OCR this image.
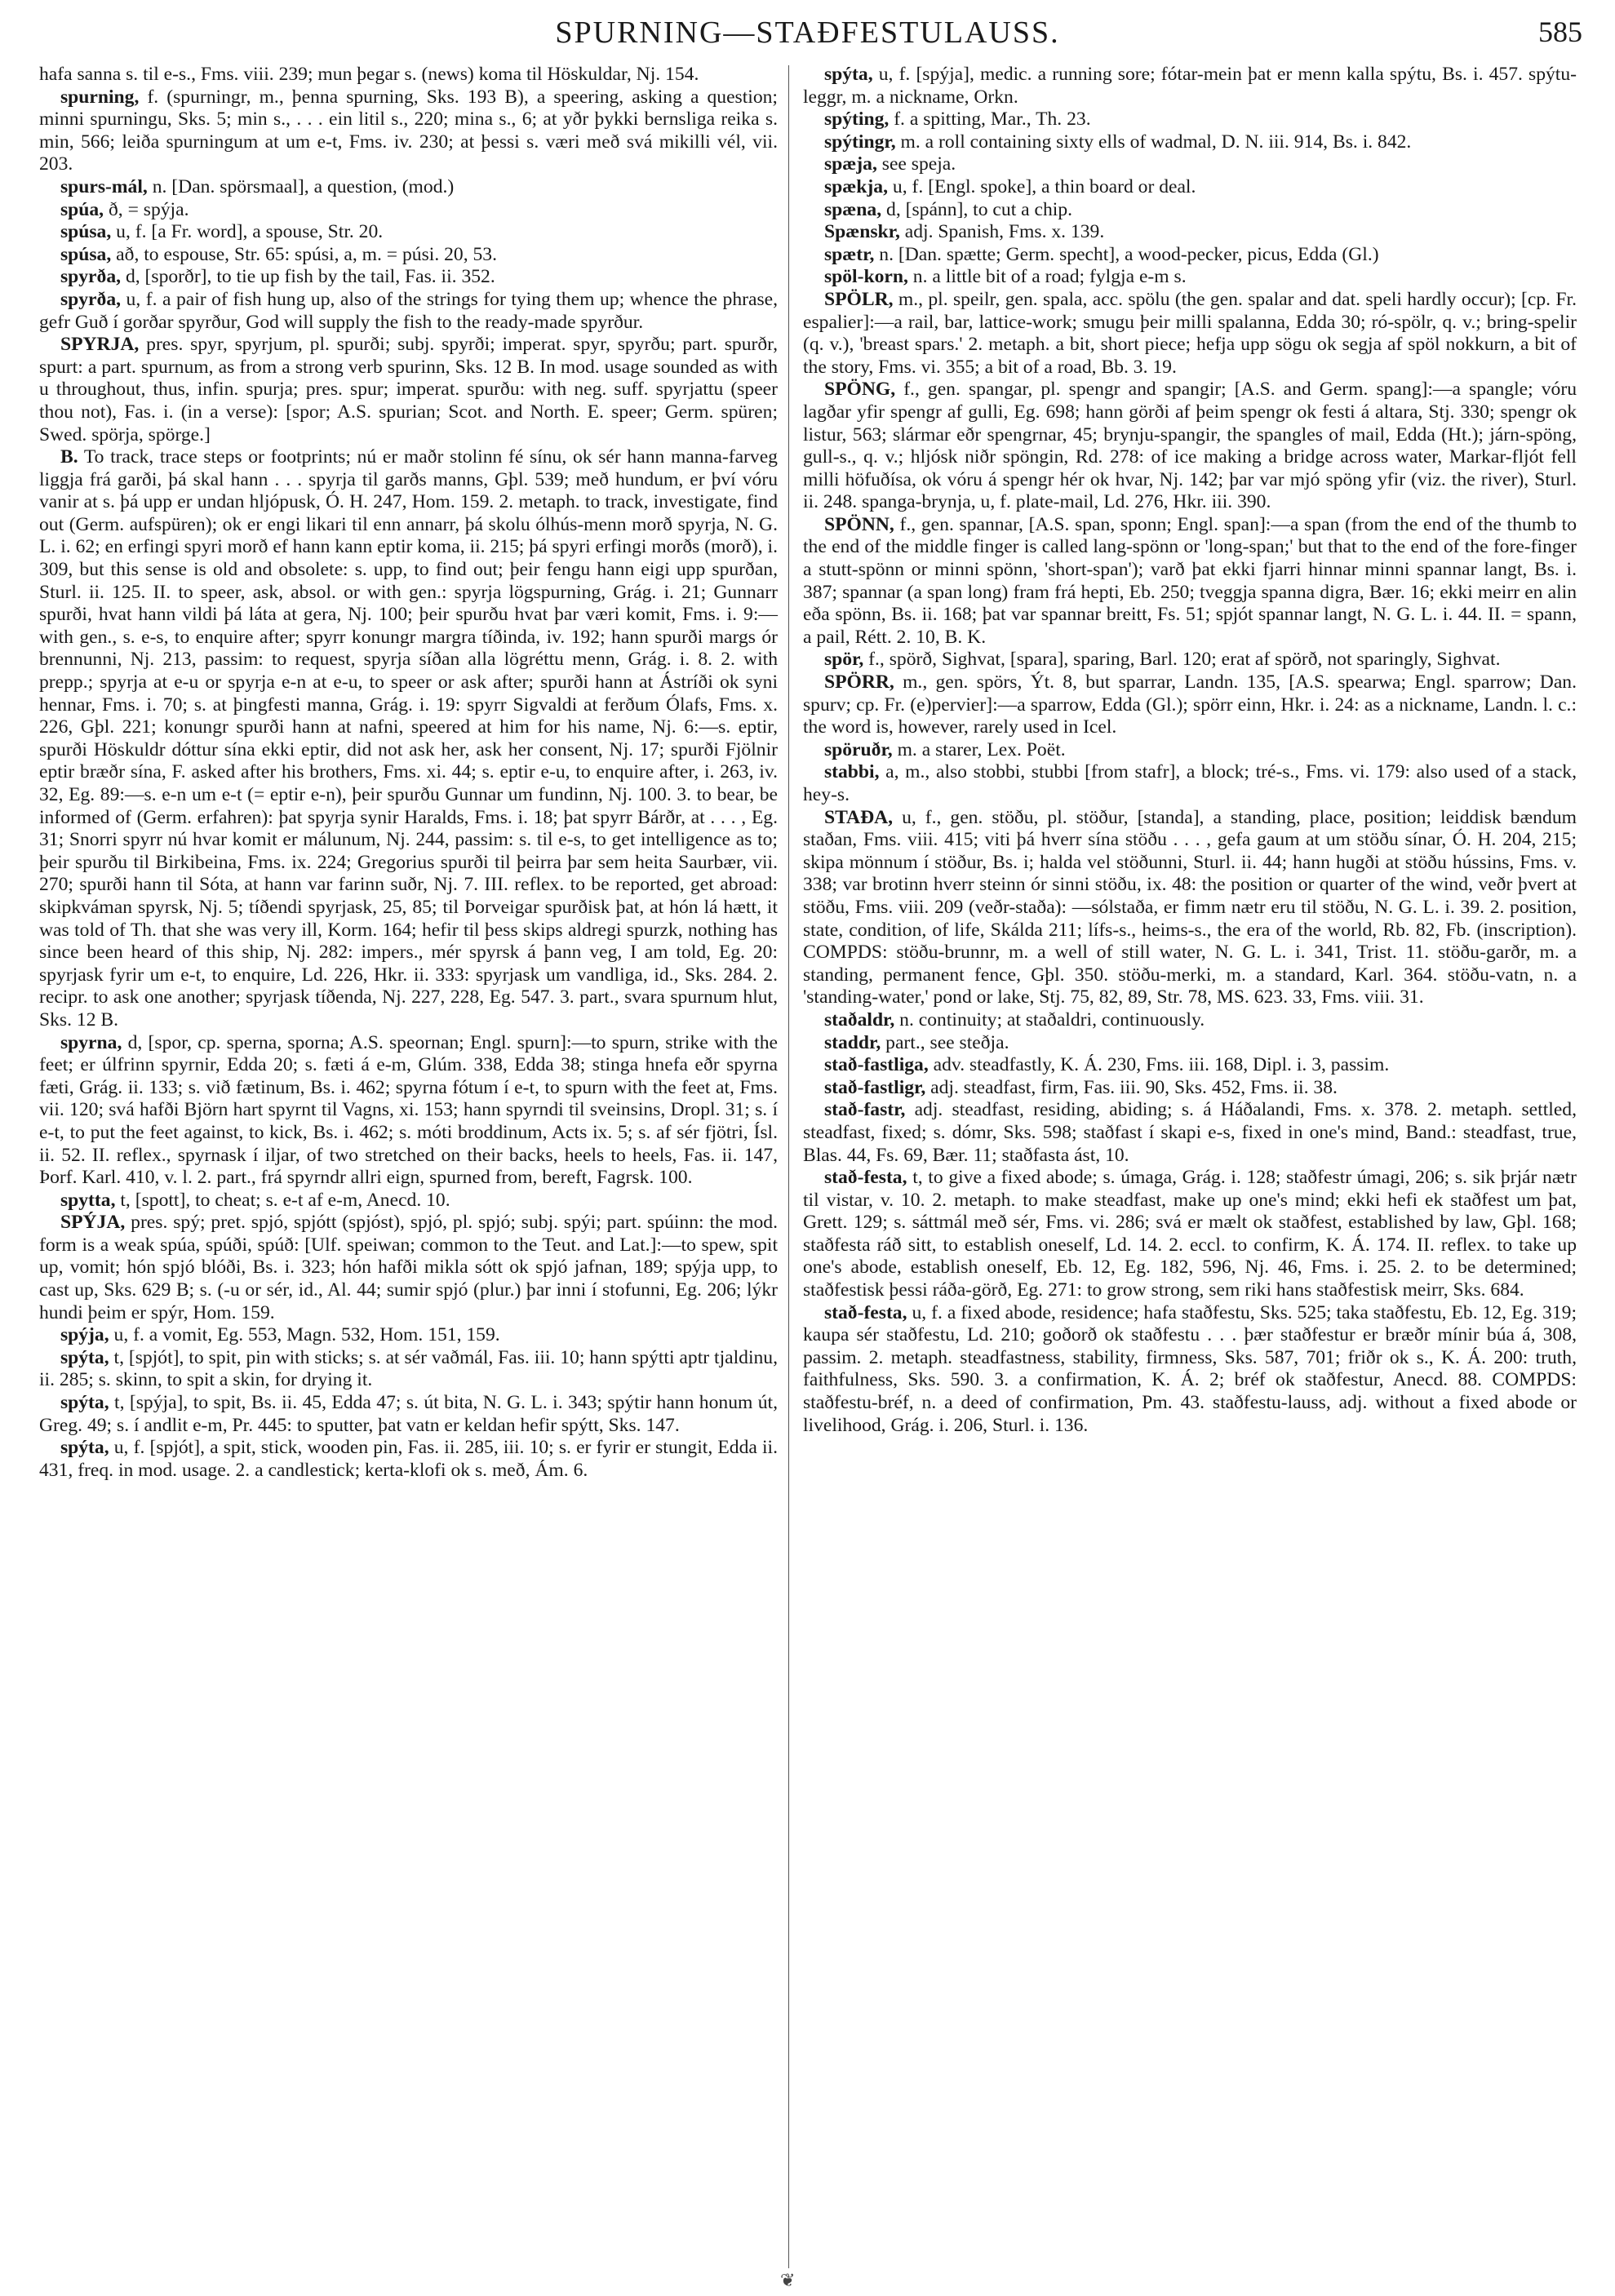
SPURNING—STAÐFESTULAUSS.	585

hafa sanna s. til e-s., Fms. viii. 239; mun þegar s. (news) koma til Höskuldar, Nj. 154.

spurning, f. (spurningr, m., þenna spurning, Sks. 193 B), a speering, asking a question; minni spurningu, Sks. 5; min s., . . . ein litil s., 220; mina s., 6; at yðr þykki bernsliga reika s. min, 566; leiða spurningum at um e-t, Fms. iv. 230; at þessi s. væri með svá mikilli vél, vii. 203.

spurs-mál, n. [Dan. spörsmaal], a question, (mod.)

spúa, ð, = spýja.

spúsa, u, f. [a Fr. word], a spouse, Str. 20.

spúsa, að, to espouse, Str. 65: spúsi, a, m. = púsi. 20, 53.

spyrða, d, [sporðr], to tie up fish by the tail, Fas. ii. 352.

spyrða, u, f. a pair of fish hung up, also of the strings for tying them up; whence the phrase, gefr Guð í gorðar spyrður, God will supply the fish to the ready-made spyrður.

SPYRJA, pres. spyr, spyrjum, pl. spurði; subj. spyrði; imperat. spyr, spyrðu; part. spurðr, spurt: a part. spurnum, as from a strong verb spurinn, Sks. 12 B. In mod. usage sounded as with u throughout, thus, infin. spurja; pres. spur; imperat. spurðu: with neg. suff. spyrjattu (speer thou not), Fas. i. (in a verse): [spor; A.S. spurian; Scot. and North. E. speer; Germ. spüren; Swed. spörja, spörge.]

B. To track, trace steps or footprints; nú er maðr stolinn fé sínu, ok sér hann manna-farveg liggja frá garði, þá skal hann . . . spyrja til garðs manns, Gþl. 539; með hundum, er því vóru vanir at s. þá upp er undan hljópusk, Ó. H. 247, Hom. 159. 2. metaph. to track, investigate, find out (Germ. aufspüren); ok er engi likari til enn annarr, þá skolu ólhús-menn morð spyrja, N. G. L. i. 62; en erfingi spyri morð ef hann kann eptir koma, ii. 215; þá spyri erfingi morðs (morð), i. 309, but this sense is old and obsolete: s. upp, to find out; þeir fengu hann eigi upp spurðan, Sturl. ii. 125. II. to speer, ask, absol. or with gen.: spyrja lögspurning, Grág. i. 21; Gunnarr spurði, hvat hann vildi þá láta at gera, Nj. 100; þeir spurðu hvat þar væri komit, Fms. i. 9:—with gen., s. e-s, to enquire after; spyrr konungr margra tíðinda, iv. 192; hann spurði margs ór brennunni, Nj. 213, passim: to request, spyrja síðan alla lögréttu menn, Grág. i. 8. 2. with prepp.; spyrja at e-u or spyrja e-n at e-u, to speer or ask after; spurði hann at Ástríði ok syni hennar, Fms. i. 70; s. at þingfesti manna, Grág. i. 19: spyrr Sigvaldi at ferðum Ólafs, Fms. x. 226, Gþl. 221; konungr spurði hann at nafni, speered at him for his name, Nj. 6:—s. eptir, spurði Höskuldr dóttur sína ekki eptir, did not ask her, ask her consent, Nj. 17; spurði Fjölnir eptir bræðr sína, F. asked after his brothers, Fms. xi. 44; s. eptir e-u, to enquire after, i. 263, iv. 32, Eg. 89:—s. e-n um e-t (= eptir e-n), þeir spurðu Gunnar um fundinn, Nj. 100. 3. to bear, be informed of (Germ. erfahren): þat spyrja synir Haralds, Fms. i. 18; þat spyrr Bárðr, at . . . , Eg. 31; Snorri spyrr nú hvar komit er málunum, Nj. 244, passim: s. til e-s, to get intelligence as to; þeir spurðu til Birkibeina, Fms. ix. 224; Gregorius spurði til þeirra þar sem heita Saurbær, vii. 270; spurði hann til Sóta, at hann var farinn suðr, Nj. 7. III. reflex. to be reported, get abroad: skipkváman spyrsk, Nj. 5; tíðendi spyrjask, 25, 85; til Þorveigar spurðisk þat, at hón lá hætt, it was told of Th. that she was very ill, Korm. 164; hefir til þess skips aldregi spurzk, nothing has since been heard of this ship, Nj. 282: impers., mér spyrsk á þann veg, I am told, Eg. 20: spyrjask fyrir um e-t, to enquire, Ld. 226, Hkr. ii. 333: spyrjask um vandliga, id., Sks. 284. 2. recipr. to ask one another; spyrjask tíðenda, Nj. 227, 228, Eg. 547. 3. part., svara spurnum hlut, Sks. 12 B.

spyrna, d, [spor, cp. sperna, sporna; A.S. speornan; Engl. spurn]:—to spurn, strike with the feet; er úlfrinn spyrnir, Edda 20; s. fæti á e-m, Glúm. 338, Edda 38; stinga hnefa eðr spyrna fæti, Grág. ii. 133; s. við fætinum, Bs. i. 462; spyrna fótum í e-t, to spurn with the feet at, Fms. vii. 120; svá hafði Björn hart spyrnt til Vagns, xi. 153; hann spyrndi til sveinsins, Dropl. 31; s. í e-t, to put the feet against, to kick, Bs. i. 462; s. móti broddinum, Acts ix. 5; s. af sér fjötri, Ísl. ii. 52. II. reflex., spyrnask í iljar, of two stretched on their backs, heels to heels, Fas. ii. 147, Þorf. Karl. 410, v. l. 2. part., frá spyrndr allri eign, spurned from, bereft, Fagrsk. 100.

spytta, t, [spott], to cheat; s. e-t af e-m, Anecd. 10.

SPÝJA, pres. spý; pret. spjó, spjótt (spjóst), spjó, pl. spjó; subj. spýi; part. spúinn: the mod. form is a weak spúa, spúði, spúð: [Ulf. speiwan; common to the Teut. and Lat.]:—to spew, spit up, vomit; hón spjó blóði, Bs. i. 323; hón hafði mikla sótt ok spjó jafnan, 189; spýja upp, to cast up, Sks. 629 B; s. (-u or sér, id., Al. 44; sumir spjó (plur.) þar inni í stofunni, Eg. 206; lýkr hundi þeim er spýr, Hom. 159.

spýja, u, f. a vomit, Eg. 553, Magn. 532, Hom. 151, 159.

spýta, t, [spjót], to spit, pin with sticks; s. at sér vaðmál, Fas. iii. 10; hann spýtti aptr tjaldinu, ii. 285; s. skinn, to spit a skin, for drying it.

spýta, t, [spýja], to spit, Bs. ii. 45, Edda 47; s. út bita, N. G. L. i. 343; spýtir hann honum út, Greg. 49; s. í andlit e-m, Pr. 445: to sputter, þat vatn er keldan hefir spýtt, Sks. 147.

spýta, u, f. [spjót], a spit, stick, wooden pin, Fas. ii. 285, iii. 10; s. er fyrir er stungit, Edda ii. 431, freq. in mod. usage. 2. a candlestick; kerta-klofi ok s. með, Ám. 6.

spýta, u, f. [spýja], medic. a running sore; fótar-mein þat er menn kalla spýtu, Bs. i. 457. spýtu-leggr, m. a nickname, Orkn.

spýting, f. a spitting, Mar., Th. 23.

spýtingr, m. a roll containing sixty ells of wadmal, D. N. iii. 914, Bs. i. 842.

spæja, see speja.

spækja, u, f. [Engl. spoke], a thin board or deal.

spæna, d, [spánn], to cut a chip.

Spænskr, adj. Spanish, Fms. x. 139.

spætr, n. [Dan. spætte; Germ. specht], a wood-pecker, picus, Edda (Gl.)

spöl-korn, n. a little bit of a road; fylgja e-m s.

SPÖLR, m., pl. speilr, gen. spala, acc. spölu (the gen. spalar and dat. speli hardly occur); [cp. Fr. espalier]:—a rail, bar, lattice-work; smugu þeir milli spalanna, Edda 30; ró-spölr, q. v.; bring-spelir (q. v.), 'breast spars.' 2. metaph. a bit, short piece; hefja upp sögu ok segja af spöl nokkurn, a bit of the story, Fms. vi. 355; a bit of a road, Bb. 3. 19.

SPÖNG, f., gen. spangar, pl. spengr and spangir; [A.S. and Germ. spang]:—a spangle; vóru lagðar yfir spengr af gulli, Eg. 698; hann görði af þeim spengr ok festi á altara, Stj. 330; spengr ok listur, 563; slármar eðr spengrnar, 45; brynju-spangir, the spangles of mail, Edda (Ht.); járn-spöng, gull-s., q. v.; hljósk niðr spöngin, Rd. 278: of ice making a bridge across water, Markar-fljót fell milli höfuðísa, ok vóru á spengr hér ok hvar, Nj. 142; þar var mjó spöng yfir (viz. the river), Sturl. ii. 248. spanga-brynja, u, f. plate-mail, Ld. 276, Hkr. iii. 390.

SPÖNN, f., gen. spannar, [A.S. span, sponn; Engl. span]:—a span (from the end of the thumb to the end of the middle finger is called lang-spönn or 'long-span;' but that to the end of the fore-finger a stutt-spönn or minni spönn, 'short-span'); varð þat ekki fjarri hinnar minni spannar langt, Bs. i. 387; spannar (a span long) fram frá hepti, Eb. 250; tveggja spanna digra, Bær. 16; ekki meirr en alin eða spönn, Bs. ii. 168; þat var spannar breitt, Fs. 51; spjót spannar langt, N. G. L. i. 44. II. = spann, a pail, Rétt. 2. 10, B. K.

spör, f., spörð, Sighvat, [spara], sparing, Barl. 120; erat af spörð, not sparingly, Sighvat.

SPÖRR, m., gen. spörs, Ýt. 8, but sparrar, Landn. 135, [A.S. spearwa; Engl. sparrow; Dan. spurv; cp. Fr. (e)pervier]:—a sparrow, Edda (Gl.); spörr einn, Hkr. i. 24: as a nickname, Landn. l. c.: the word is, however, rarely used in Icel.

spöruðr, m. a starer, Lex. Poët.

stabbi, a, m., also stobbi, stubbi [from stafr], a block; tré-s., Fms. vi. 179: also used of a stack, hey-s.

STAÐA, u, f., gen. stöðu, pl. stöður, [standa], a standing, place, position; leiddisk bændum staðan, Fms. viii. 415; viti þá hverr sína stöðu . . . , gefa gaum at um stöðu sínar, Ó. H. 204, 215; skipa mönnum í stöður, Bs. i; halda vel stöðunni, Sturl. ii. 44; hann hugði at stöðu hússins, Fms. v. 338; var brotinn hverr steinn ór sinni stöðu, ix. 48: the position or quarter of the wind, veðr þvert at stöðu, Fms. viii. 209 (veðr-staða): —sólstaða, er fimm nætr eru til stöðu, N. G. L. i. 39. 2. position, state, condition, of life, Skálda 211; lífs-s., heims-s., the era of the world, Rb. 82, Fb. (inscription). COMPDS: stöðu-brunnr, m. a well of still water, N. G. L. i. 341, Trist. 11. stöðu-garðr, m. a standing, permanent fence, Gþl. 350. stöðu-merki, m. a standard, Karl. 364. stöðu-vatn, n. a 'standing-water,' pond or lake, Stj. 75, 82, 89, Str. 78, MS. 623. 33, Fms. viii. 31.

staðaldr, n. continuity; at staðaldri, continuously.

staddr, part., see steðja.

stað-fastliga, adv. steadfastly, K. Á. 230, Fms. iii. 168, Dipl. i. 3, passim.

stað-fastligr, adj. steadfast, firm, Fas. iii. 90, Sks. 452, Fms. ii. 38.

stað-fastr, adj. steadfast, residing, abiding; s. á Háðalandi, Fms. x. 378. 2. metaph. settled, steadfast, fixed; s. dómr, Sks. 598; staðfast í skapi e-s, fixed in one's mind, Band.: steadfast, true, Blas. 44, Fs. 69, Bær. 11; staðfasta ást, 10.

stað-festa, t, to give a fixed abode; s. úmaga, Grág. i. 128; staðfestr úmagi, 206; s. sik þrjár nætr til vistar, v. 10. 2. metaph. to make steadfast, make up one's mind; ekki hefi ek staðfest um þat, Grett. 129; s. sáttmál með sér, Fms. vi. 286; svá er mælt ok staðfest, established by law, Gþl. 168; staðfesta ráð sitt, to establish oneself, Ld. 14. 2. eccl. to confirm, K. Á. 174. II. reflex. to take up one's abode, establish oneself, Eb. 12, Eg. 182, 596, Nj. 46, Fms. i. 25. 2. to be determined; staðfestisk þessi ráða-görð, Eg. 271: to grow strong, sem riki hans staðfestisk meirr, Sks. 684.

stað-festa, u, f. a fixed abode, residence; hafa staðfestu, Sks. 525; taka staðfestu, Eb. 12, Eg. 319; kaupa sér staðfestu, Ld. 210; goðorð ok staðfestu . . . þær staðfestur er bræðr mínir búa á, 308, passim. 2. metaph. steadfastness, stability, firmness, Sks. 587, 701; friðr ok s., K. Á. 200: truth, faithfulness, Sks. 590. 3. a confirmation, K. Á. 2; bréf ok staðfestur, Anecd. 88. COMPDS: staðfestu-bréf, n. a deed of confirmation, Pm. 43. staðfestu-lauss, adj. without a fixed abode or livelihood, Grág. i. 206, Sturl. i. 136.

❦
